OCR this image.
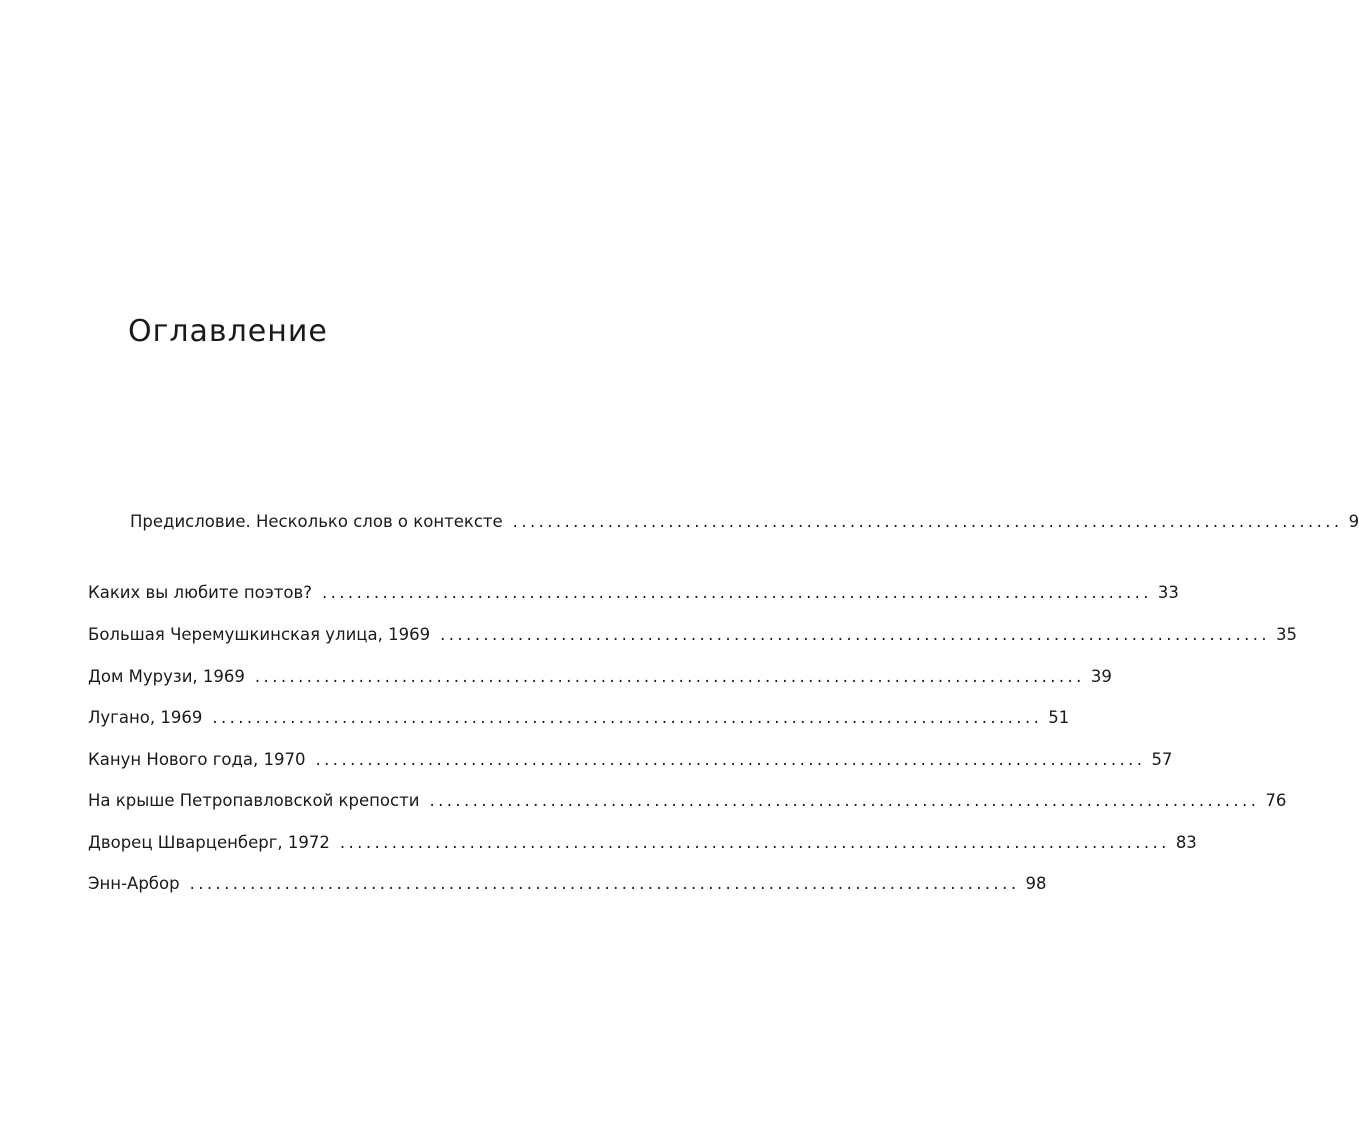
Оглавление
Предисловие. Несколько слов о контексте ................................................................................................ 9
Каких вы любите поэтов? ................................................................................................ 33
Большая Черемушкинская улица, 1969 ................................................................................................ 35
Дом Мурузи, 1969 ................................................................................................ 39
Лугано, 1969 ................................................................................................ 51
Канун Нового года, 1970 ................................................................................................ 57
На крыше Петропавловской крепости ................................................................................................ 76
Дворец Шварценберг, 1972 ................................................................................................ 83
Энн-Арбор ................................................................................................ 98
